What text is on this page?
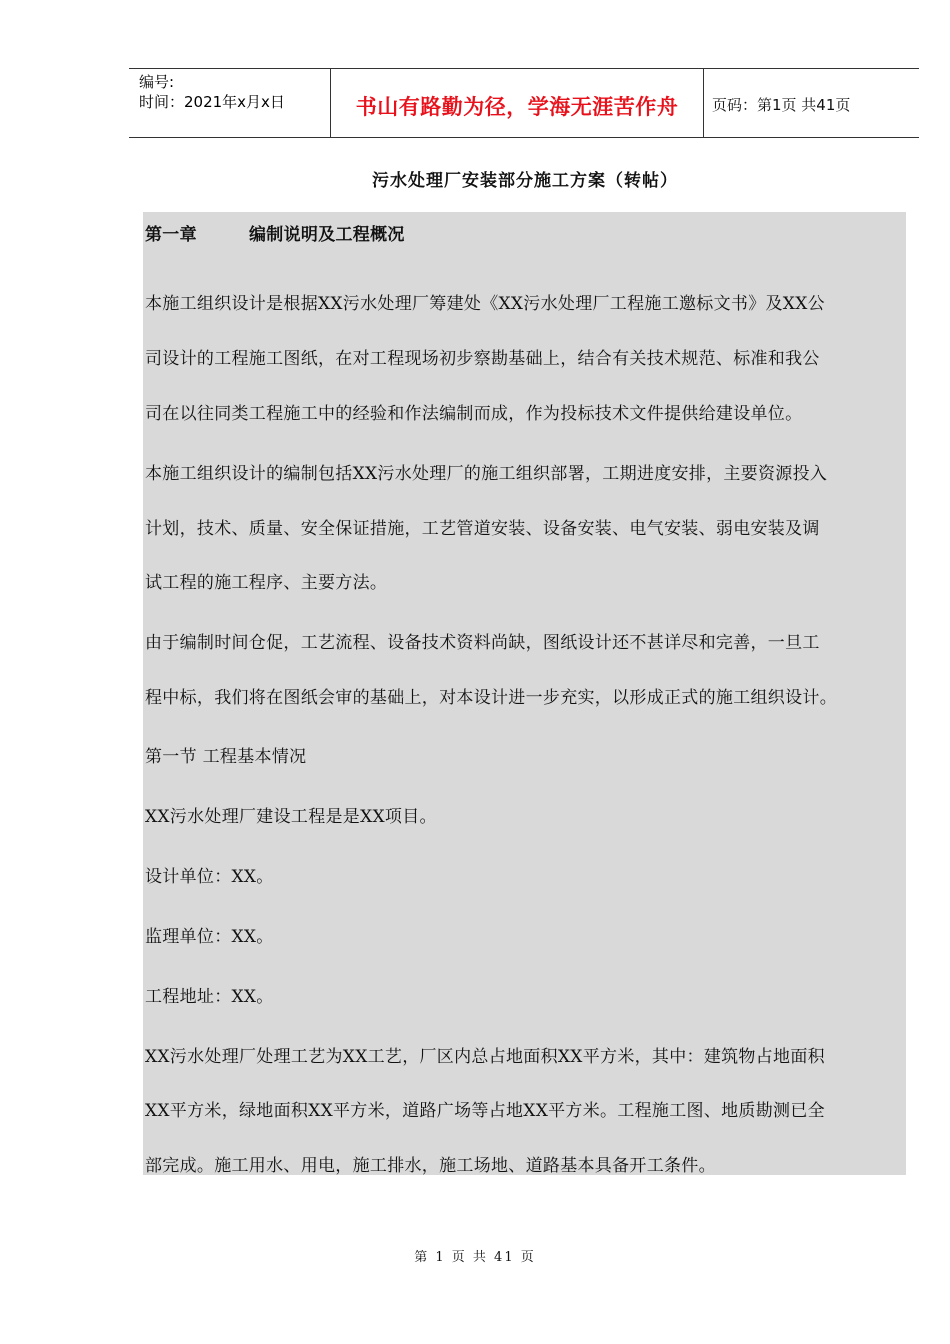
编号:
时间：2021年x月x日	书山有路勤为径，学海无涯苦作舟	页码：第1页 共41页
污水处理厂安装部分施工方案（转帖）
第一章	编制说明及工程概况
本施工组织设计是根据XX污水处理厂筹建处《XX污水处理厂工程施工邀标文书》及XX公
司设计的工程施工图纸，在对工程现场初步察勘基础上，结合有关技术规范、标准和我公
司在以往同类工程施工中的经验和作法编制而成，作为投标技术文件提供给建设单位。
本施工组织设计的编制包括XX污水处理厂的施工组织部署，工期进度安排，主要资源投入
计划，技术、质量、安全保证措施，工艺管道安装、设备安装、电气安装、弱电安装及调
试工程的施工程序、主要方法。
由于编制时间仓促，工艺流程、设备技术资料尚缺，图纸设计还不甚详尽和完善，一旦工
程中标，我们将在图纸会审的基础上，对本设计进一步充实，以形成正式的施工组织设计。
第一节 工程基本情况
XX污水处理厂建设工程是是XX项目。
设计单位：XX。
监理单位：XX。
工程地址：XX。
XX污水处理厂处理工艺为XX工艺，厂区内总占地面积XX平方米，其中：建筑物占地面积
XX平方米，绿地面积XX平方米，道路广场等占地XX平方米。工程施工图、地质勘测已全
部完成。施工用水、用电，施工排水，施工场地、道路基本具备开工条件。
第 1 页 共 41 页
